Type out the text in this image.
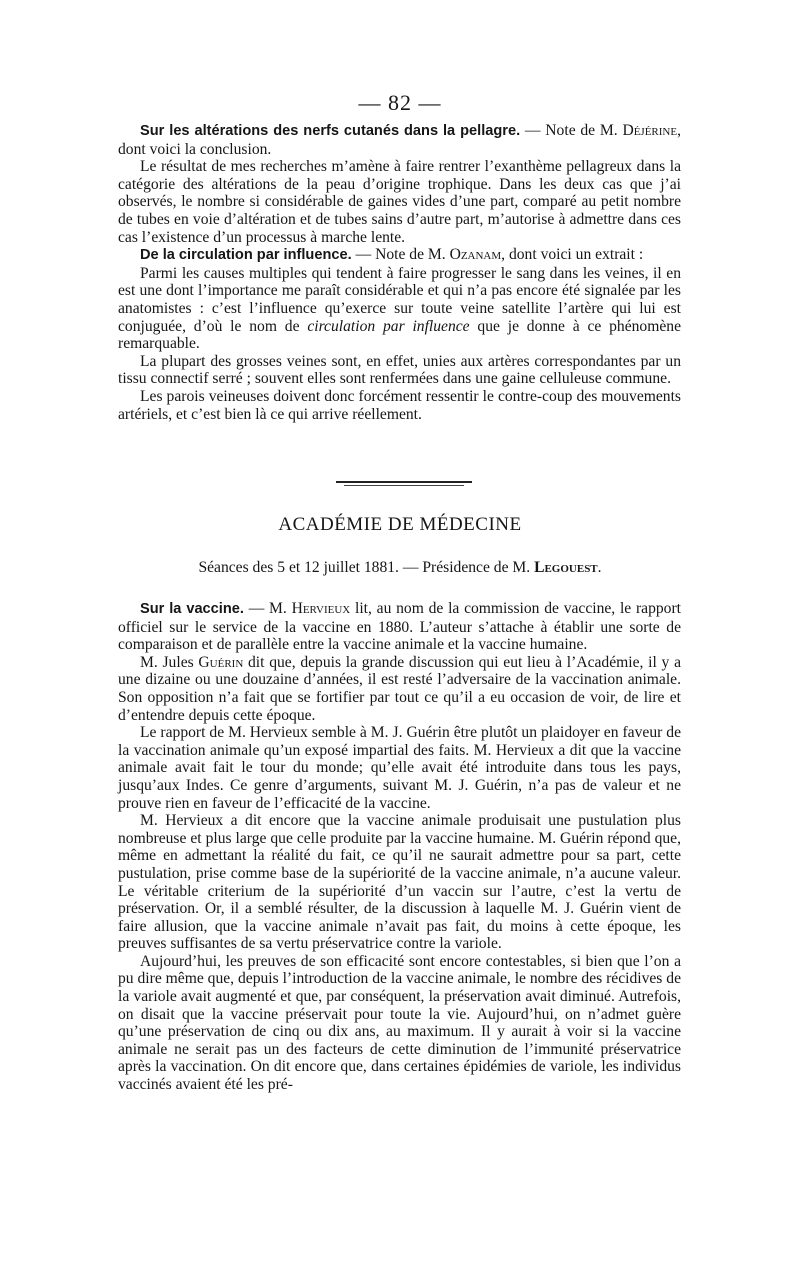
— 82 —

Sur les altérations des nerfs cutanés dans la pellagre. — Note de M. Déjérine, dont voici la conclusion.

Le résultat de mes recherches m’amène à faire rentrer l’exanthème pellagreux dans la catégorie des altérations de la peau d’origine trophique. Dans les deux cas que j’ai observés, le nombre si considérable de gaines vides d’une part, comparé au petit nombre de tubes en voie d’altération et de tubes sains d’autre part, m’autorise à admettre dans ces cas l’existence d’un processus à marche lente.

De la circulation par influence. — Note de M. Ozanam, dont voici un extrait :

Parmi les causes multiples qui tendent à faire progresser le sang dans les veines, il en est une dont l’importance me paraît considérable et qui n’a pas encore été signalée par les anatomistes : c’est l’influence qu’exerce sur toute veine satellite l’artère qui lui est conjuguée, d’où le nom de circulation par influence que je donne à ce phénomène remarquable.

La plupart des grosses veines sont, en effet, unies aux artères correspondantes par un tissu connectif serré ; souvent elles sont renfermées dans une gaine celluleuse commune.

Les parois veineuses doivent donc forcément ressentir le contre-coup des mouvements artériels, et c’est bien là ce qui arrive réellement.

ACADÉMIE DE MÉDECINE
Séances des 5 et 12 juillet 1881. — Présidence de M. Legouest.

Sur la vaccine. — M. Hervieux lit, au nom de la commission de vaccine, le rapport officiel sur le service de la vaccine en 1880. L’auteur s’attache à établir une sorte de comparaison et de parallèle entre la vaccine animale et la vaccine humaine.

M. Jules Guérin dit que, depuis la grande discussion qui eut lieu à l’Académie, il y a une dizaine ou une douzaine d’années, il est resté l’adversaire de la vaccination animale. Son opposition n’a fait que se fortifier par tout ce qu’il a eu occasion de voir, de lire et d’entendre depuis cette époque.

Le rapport de M. Hervieux semble à M. J. Guérin être plutôt un plaidoyer en faveur de la vaccination animale qu’un exposé impartial des faits. M. Hervieux a dit que la vaccine animale avait fait le tour du monde; qu’elle avait été introduite dans tous les pays, jusqu’aux Indes. Ce genre d’arguments, suivant M. J. Guérin, n’a pas de valeur et ne prouve rien en faveur de l’efficacité de la vaccine.

M. Hervieux a dit encore que la vaccine animale produisait une pustulation plus nombreuse et plus large que celle produite par la vaccine humaine. M. Guérin répond que, même en admettant la réalité du fait, ce qu’il ne saurait admettre pour sa part, cette pustulation, prise comme base de la supériorité de la vaccine animale, n’a aucune valeur. Le véritable criterium de la supériorité d’un vaccin sur l’autre, c’est la vertu de préservation. Or, il a semblé résulter, de la discussion à laquelle M. J. Guérin vient de faire allusion, que la vaccine animale n’avait pas fait, du moins à cette époque, les preuves suffisantes de sa vertu préservatrice contre la variole.

Aujourd’hui, les preuves de son efficacité sont encore contestables, si bien que l’on a pu dire même que, depuis l’introduction de la vaccine animale, le nombre des récidives de la variole avait augmenté et que, par conséquent, la préservation avait diminué. Autrefois, on disait que la vaccine préservait pour toute la vie. Aujourd’hui, on n’admet guère qu’une préservation de cinq ou dix ans, au maximum. Il y aurait à voir si la vaccine animale ne serait pas un des facteurs de cette diminution de l’immunité préservatrice après la vaccination. On dit encore que, dans certaines épidémies de variole, les individus vaccinés avaient été les pré-
